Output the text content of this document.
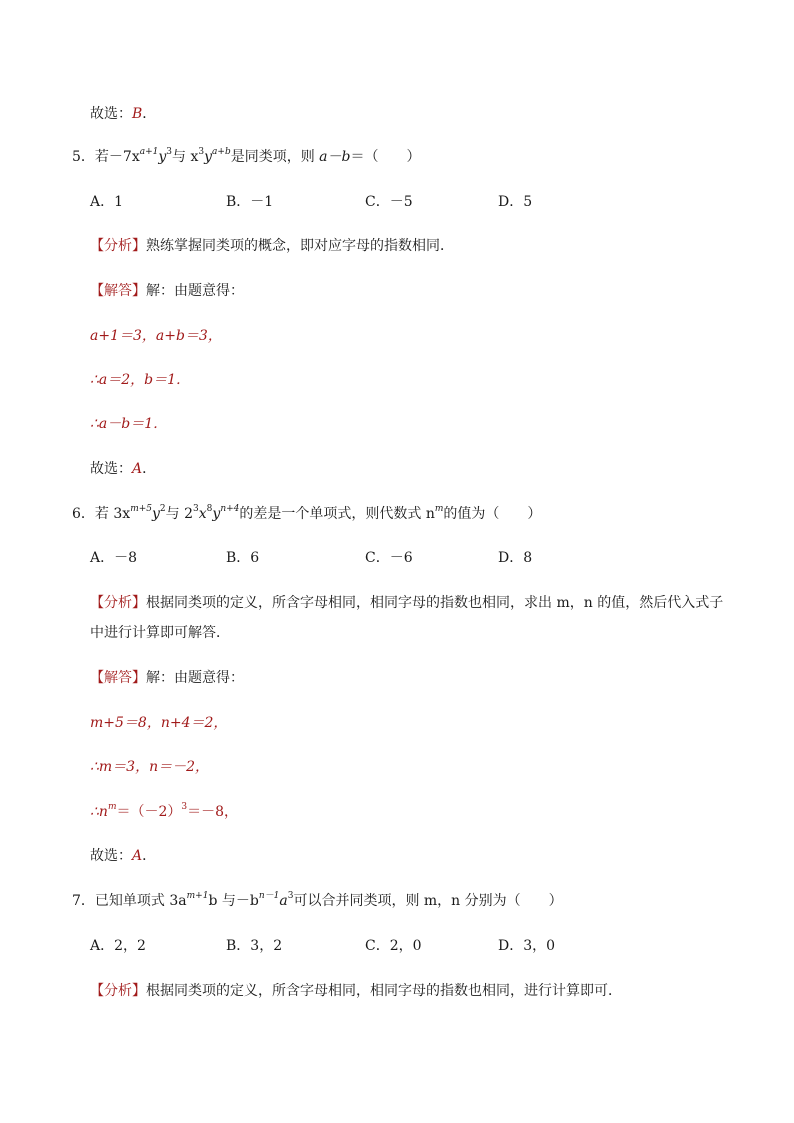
故选：B．
5．若$-7x^{a+1}y^3$与 $x^3y^{a+b}$是同类项，则 a－b＝（　　）
A．1	B．－1	C．－5	D．5
【分析】熟练掌握同类项的概念，即对应字母的指数相同．
【解答】解：由题意得：
a+1＝3，a+b＝3，
∴a＝2，b＝1．
∴a－b＝1．
故选：A．
6．若 $3x^{m+5}y^2$与 $2^3x^8y^{n+4}$的差是一个单项式，则代数式 $n^m$的值为（　　）
A．－8	B．6	C．－6	D．8
【分析】根据同类项的定义，所含字母相同，相同字母的指数也相同，求出 m，n 的值，然后代入式子
中进行计算即可解答．
【解答】解：由题意得：
m+5＝8，n+4＝2，
∴m＝3，n＝－2，
$\therefore n^m=(-2)^3=-8$，
故选：A．
7．已知单项式 $3a^{m+1}b$ 与$-b^{n-1}a^3$可以合并同类项，则 m，n 分别为（　　）
A．2，2	B．3，2	C．2，0	D．3，0
【分析】根据同类项的定义，所含字母相同，相同字母的指数也相同，进行计算即可．
